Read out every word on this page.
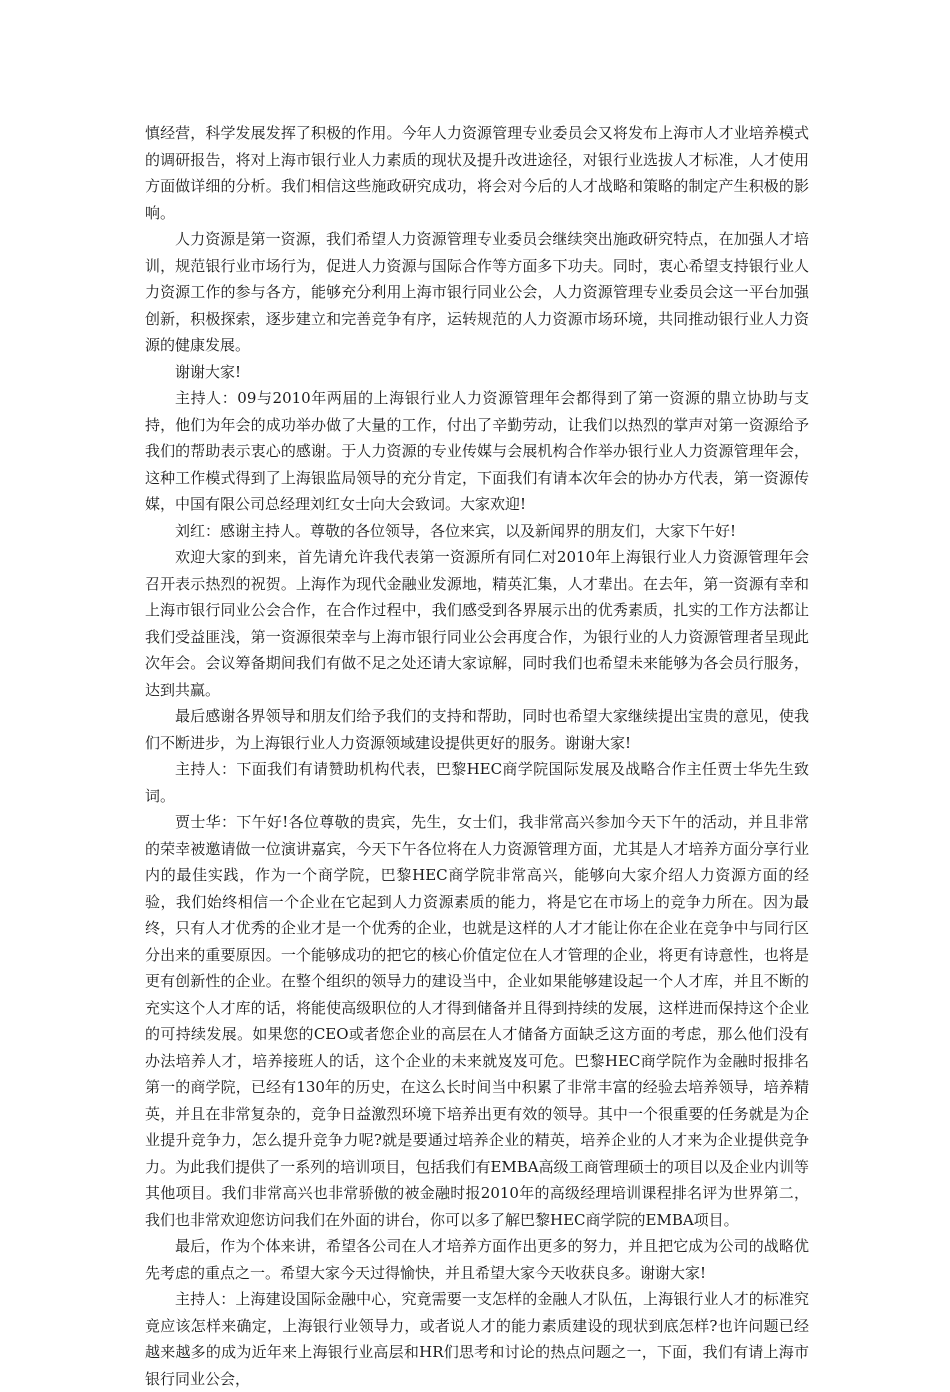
慎经营，科学发展发挥了积极的作用。今年人力资源管理专业委员会又将发布上海市人才业培养模式的调研报告，将对上海市银行业人力素质的现状及提升改进途径，对银行业选拔人才标准，人才使用方面做详细的分析。我们相信这些施政研究成功，将会对今后的人才战略和策略的制定产生积极的影响。

人力资源是第一资源，我们希望人力资源管理专业委员会继续突出施政研究特点，在加强人才培训，规范银行业市场行为，促进人力资源与国际合作等方面多下功夫。同时，衷心希望支持银行业人力资源工作的参与各方，能够充分利用上海市银行同业公会，人力资源管理专业委员会这一平台加强创新，积极探索，逐步建立和完善竞争有序，运转规范的人力资源市场环境，共同推动银行业人力资源的健康发展。

谢谢大家!

主持人：09与2010年两届的上海银行业人力资源管理年会都得到了第一资源的鼎立协助与支持，他们为年会的成功举办做了大量的工作，付出了辛勤劳动，让我们以热烈的掌声对第一资源给予我们的帮助表示衷心的感谢。于人力资源的专业传媒与会展机构合作举办银行业人力资源管理年会，这种工作模式得到了上海银监局领导的充分肯定，下面我们有请本次年会的协办方代表，第一资源传媒，中国有限公司总经理刘红女士向大会致词。大家欢迎!

刘红：感谢主持人。尊敬的各位领导，各位来宾，以及新闻界的朋友们，大家下午好!

欢迎大家的到来，首先请允许我代表第一资源所有同仁对2010年上海银行业人力资源管理年会召开表示热烈的祝贺。上海作为现代金融业发源地，精英汇集，人才辈出。在去年，第一资源有幸和上海市银行同业公会合作，在合作过程中，我们感受到各界展示出的优秀素质，扎实的工作方法都让我们受益匪浅，第一资源很荣幸与上海市银行同业公会再度合作，为银行业的人力资源管理者呈现此次年会。会议筹备期间我们有做不足之处还请大家谅解，同时我们也希望未来能够为各会员行服务，达到共赢。

最后感谢各界领导和朋友们给予我们的支持和帮助，同时也希望大家继续提出宝贵的意见，使我们不断进步，为上海银行业人力资源领域建设提供更好的服务。谢谢大家!

主持人：下面我们有请赞助机构代表，巴黎HEC商学院国际发展及战略合作主任贾士华先生致词。

贾士华：下午好!各位尊敬的贵宾，先生，女士们，我非常高兴参加今天下午的活动，并且非常的荣幸被邀请做一位演讲嘉宾，今天下午各位将在人力资源管理方面，尤其是人才培养方面分享行业内的最佳实践，作为一个商学院，巴黎HEC商学院非常高兴，能够向大家介绍人力资源方面的经验，我们始终相信一个企业在它起到人力资源素质的能力，将是它在市场上的竞争力所在。因为最终，只有人才优秀的企业才是一个优秀的企业，也就是这样的人才才能让你在企业在竞争中与同行区分出来的重要原因。一个能够成功的把它的核心价值定位在人才管理的企业，将更有诗意性，也将是更有创新性的企业。在整个组织的领导力的建设当中，企业如果能够建设起一个人才库，并且不断的充实这个人才库的话，将能使高级职位的人才得到储备并且得到持续的发展，这样进而保持这个企业的可持续发展。如果您的CEO或者您企业的高层在人才储备方面缺乏这方面的考虑，那么他们没有办法培养人才，培养接班人的话，这个企业的未来就岌岌可危。巴黎HEC商学院作为金融时报排名第一的商学院，已经有130年的历史，在这么长时间当中积累了非常丰富的经验去培养领导，培养精英，并且在非常复杂的，竞争日益激烈环境下培养出更有效的领导。其中一个很重要的任务就是为企业提升竞争力，怎么提升竞争力呢?就是要通过培养企业的精英，培养企业的人才来为企业提供竞争力。为此我们提供了一系列的培训项目，包括我们有EMBA高级工商管理硕士的项目以及企业内训等其他项目。我们非常高兴也非常骄傲的被金融时报2010年的高级经理培训课程排名评为世界第二，我们也非常欢迎您访问我们在外面的讲台，你可以多了解巴黎HEC商学院的EMBA项目。

最后，作为个体来讲，希望各公司在人才培养方面作出更多的努力，并且把它成为公司的战略优先考虑的重点之一。希望大家今天过得愉快，并且希望大家今天收获良多。谢谢大家!

主持人：上海建设国际金融中心，究竟需要一支怎样的金融人才队伍，上海银行业人才的标准究竟应该怎样来确定，上海银行业领导力，或者说人才的能力素质建设的现状到底怎样?也许问题已经越来越多的成为近年来上海银行业高层和HR们思考和讨论的热点问题之一，下面，我们有请上海市银行同业公会，
